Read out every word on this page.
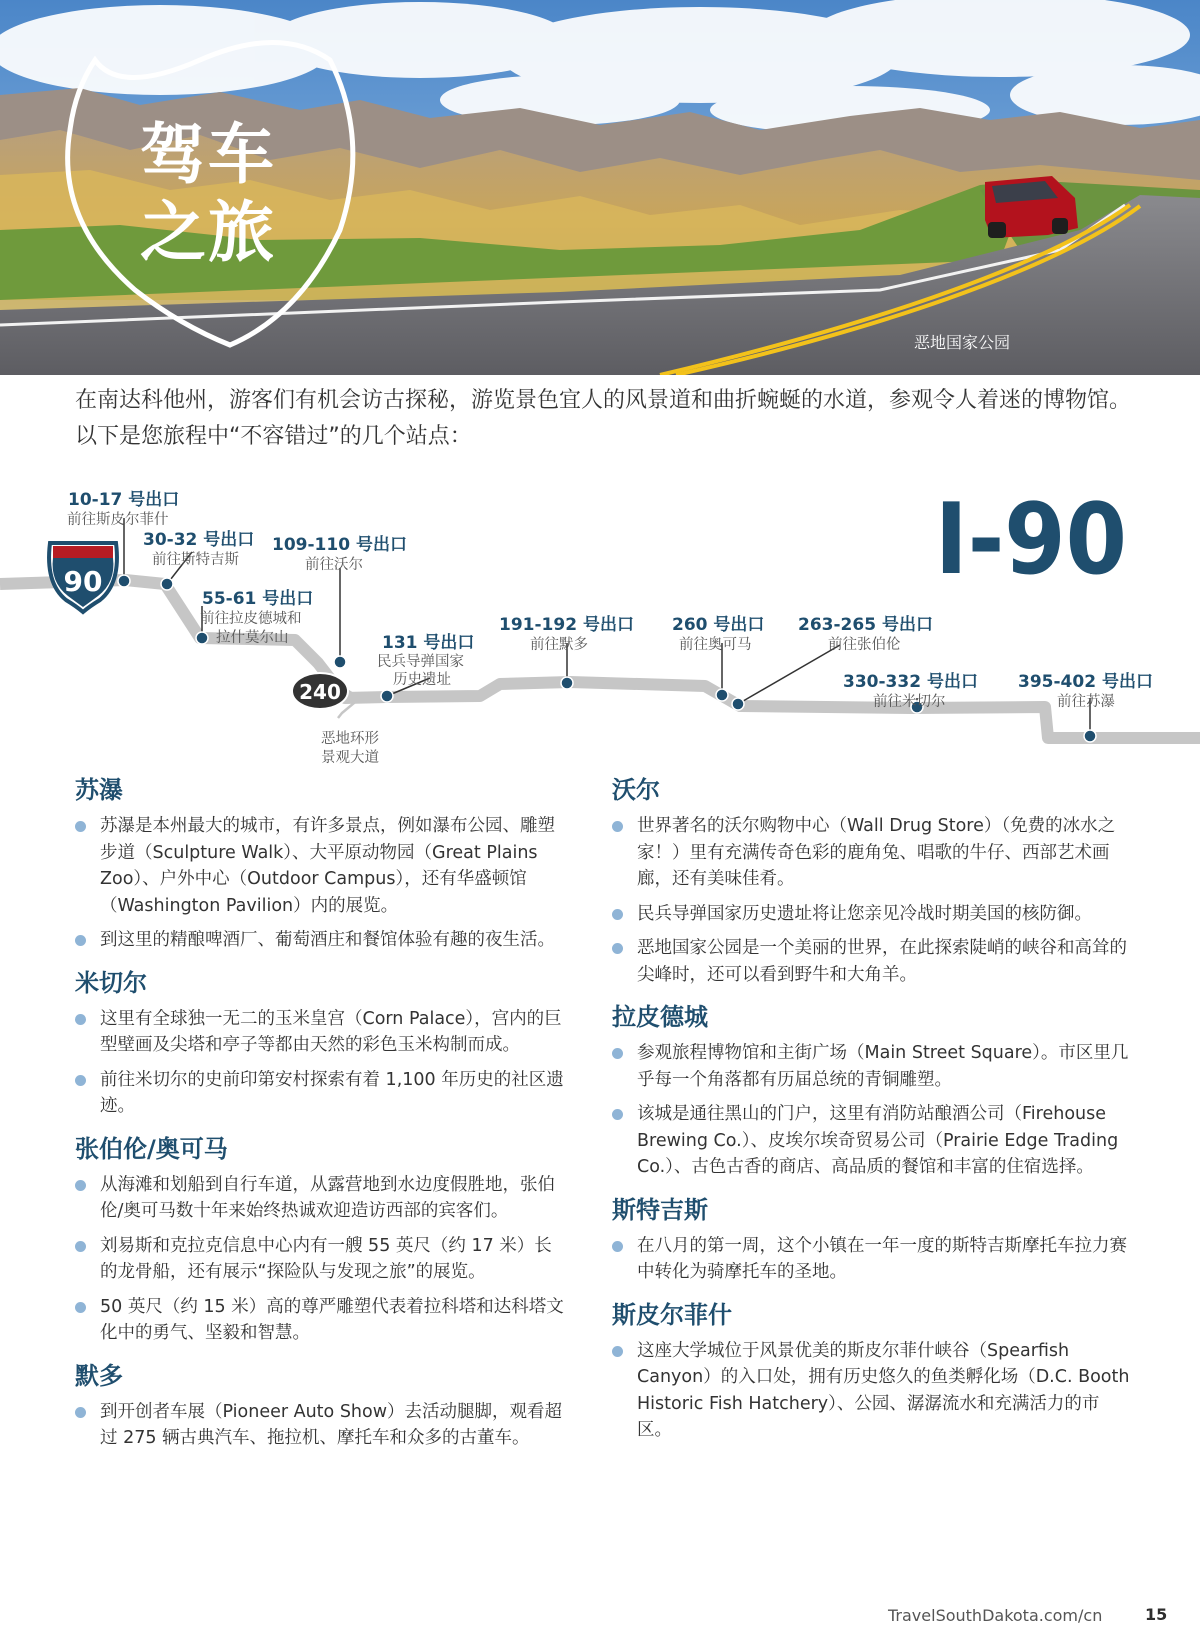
驾车
之旅
恶地国家公园

在南达科他州，游客们有机会访古探秘，游览景色宜人的风景道和曲折蜿蜒的水道，参观令人着迷的博物馆。以下是您旅程中“不容错过”的几个站点：

90
240
I-90
10-17 号出口
前往斯皮尔菲什
30-32 号出口
前往斯特吉斯
109-110 号出口
前往沃尔
55-61 号出口
前往拉皮德城和
拉什莫尔山	131 号出口
民兵导弹国家
历史遗址
191-192 号出口
前往默多
260 号出口
前往奥可马
263-265 号出口
前往张伯伦
330-332 号出口
前往米切尔
395-402 号出口
前往苏瀑
恶地环形
景观大道
苏瀑
苏瀑是本州最大的城市，有许多景点，例如瀑布公园、雕塑步道（Sculpture Walk）、大平原动物园（Great Plains Zoo）、户外中心（Outdoor Campus），还有华盛顿馆（Washington Pavilion）内的展览。
到这里的精酿啤酒厂、葡萄酒庄和餐馆体验有趣的夜生活。
米切尔
这里有全球独一无二的玉米皇宫（Corn Palace），宫内的巨型壁画及尖塔和亭子等都由天然的彩色玉米构制而成。
前往米切尔的史前印第安村探索有着 1,100 年历史的社区遗迹。
张伯伦/奥可马
从海滩和划船到自行车道，从露营地到水边度假胜地，张伯伦/奥可马数十年来始终热诚欢迎造访西部的宾客们。
刘易斯和克拉克信息中心内有一艘 55 英尺（约 17 米）长的龙骨船，还有展示“探险队与发现之旅”的展览。
50 英尺（约 15 米）高的尊严雕塑代表着拉科塔和达科塔文化中的勇气、坚毅和智慧。
默多
到开创者车展（Pioneer Auto Show）去活动腿脚，观看超过 275 辆古典汽车、拖拉机、摩托车和众多的古董车。
沃尔
世界著名的沃尔购物中心（Wall Drug Store）（免费的冰水之家！）里有充满传奇色彩的鹿角兔、唱歌的牛仔、西部艺术画廊，还有美味佳肴。
民兵导弹国家历史遗址将让您亲见冷战时期美国的核防御。
恶地国家公园是一个美丽的世界，在此探索陡峭的峡谷和高耸的尖峰时，还可以看到野牛和大角羊。
拉皮德城
参观旅程博物馆和主街广场（Main Street Square）。市区里几乎每一个角落都有历届总统的青铜雕塑。
该城是通往黑山的门户，这里有消防站酿酒公司（Firehouse Brewing Co.）、皮埃尔埃奇贸易公司（Prairie Edge Trading Co.）、古色古香的商店、高品质的餐馆和丰富的住宿选择。
斯特吉斯
在八月的第一周，这个小镇在一年一度的斯特吉斯摩托车拉力赛中转化为骑摩托车的圣地。
斯皮尔菲什
这座大学城位于风景优美的斯皮尔菲什峡谷（Spearfish Canyon）的入口处，拥有历史悠久的鱼类孵化场（D.C. Booth Historic Fish Hatchery）、公园、潺潺流水和充满活力的市区。
TravelSouthDakota.com/cn	15
